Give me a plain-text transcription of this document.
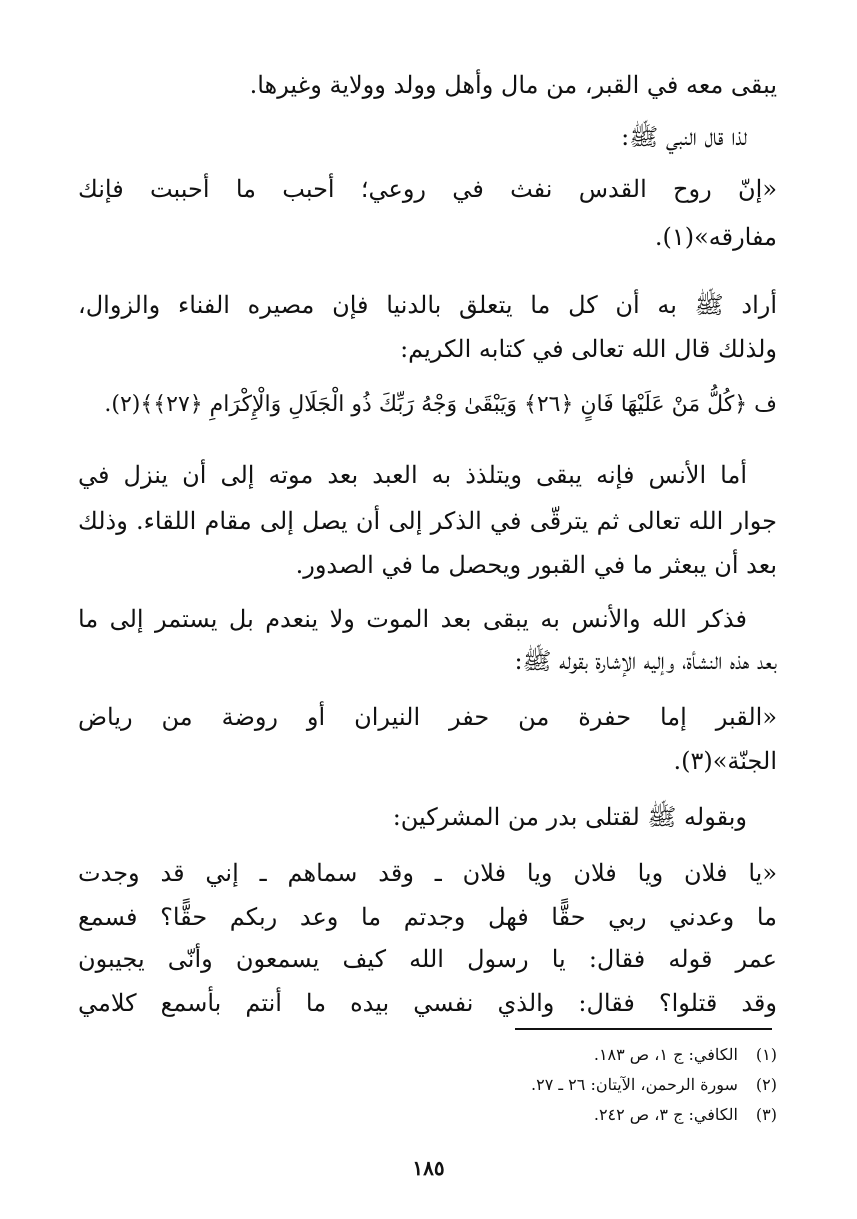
يبقى معه في القبر، من مال وأهل وولد وولاية وغيرها.
لذا قال النبي ﷺ:
«إنّ روح القدس نفث في روعي؛ أحبب ما أحببت فإنك
مفارقه»(١).
أراد ﷺ به أن كل ما يتعلق بالدنيا فإن مصيره الفناء والزوال،
ولذلك قال الله تعالى في كتابه الكريم:
ف ﴿كُلُّ مَنْ عَلَيْهَا فَانٍ ﴿٢٦﴾ وَيَبْقَىٰ وَجْهُ رَبِّكَ ذُو الْجَلَالِ وَالْإِكْرَامِ ﴿٢٧﴾﴾(٢).
أما الأنس فإنه يبقى ويتلذذ به العبد بعد موته إلى أن ينزل في
جوار الله تعالى ثم يترقّى في الذكر إلى أن يصل إلى مقام اللقاء. وذلك
بعد أن يبعثر ما في القبور ويحصل ما في الصدور.
فذكر الله والأنس به يبقى بعد الموت ولا ينعدم بل يستمر إلى ما
بعد هذه النشأة، وإليه الإشارة بقوله ﷺ:
«القبر إما حفرة من حفر النيران أو روضة من رياض
الجنّة»(٣).
وبقوله ﷺ لقتلى بدر من المشركين:
«يا فلان ويا فلان ويا فلان ـ وقد سماهم ـ إني قد وجدت
ما وعدني ربي حقًّا فهل وجدتم ما وعد ربكم حقًّا؟ فسمع
عمر قوله فقال: يا رسول الله كيف يسمعون وأنّى يجيبون
وقد قتلوا؟ فقال: والذي نفسي بيده ما أنتم بأسمع كلامي
(١) الكافي: ج ١، ص ١٨٣.
(٢) سورة الرحمن، الآيتان: ٢٦ ـ ٢٧.
(٣) الكافي: ج ٣، ص ٢٤٢.
١٨٥
